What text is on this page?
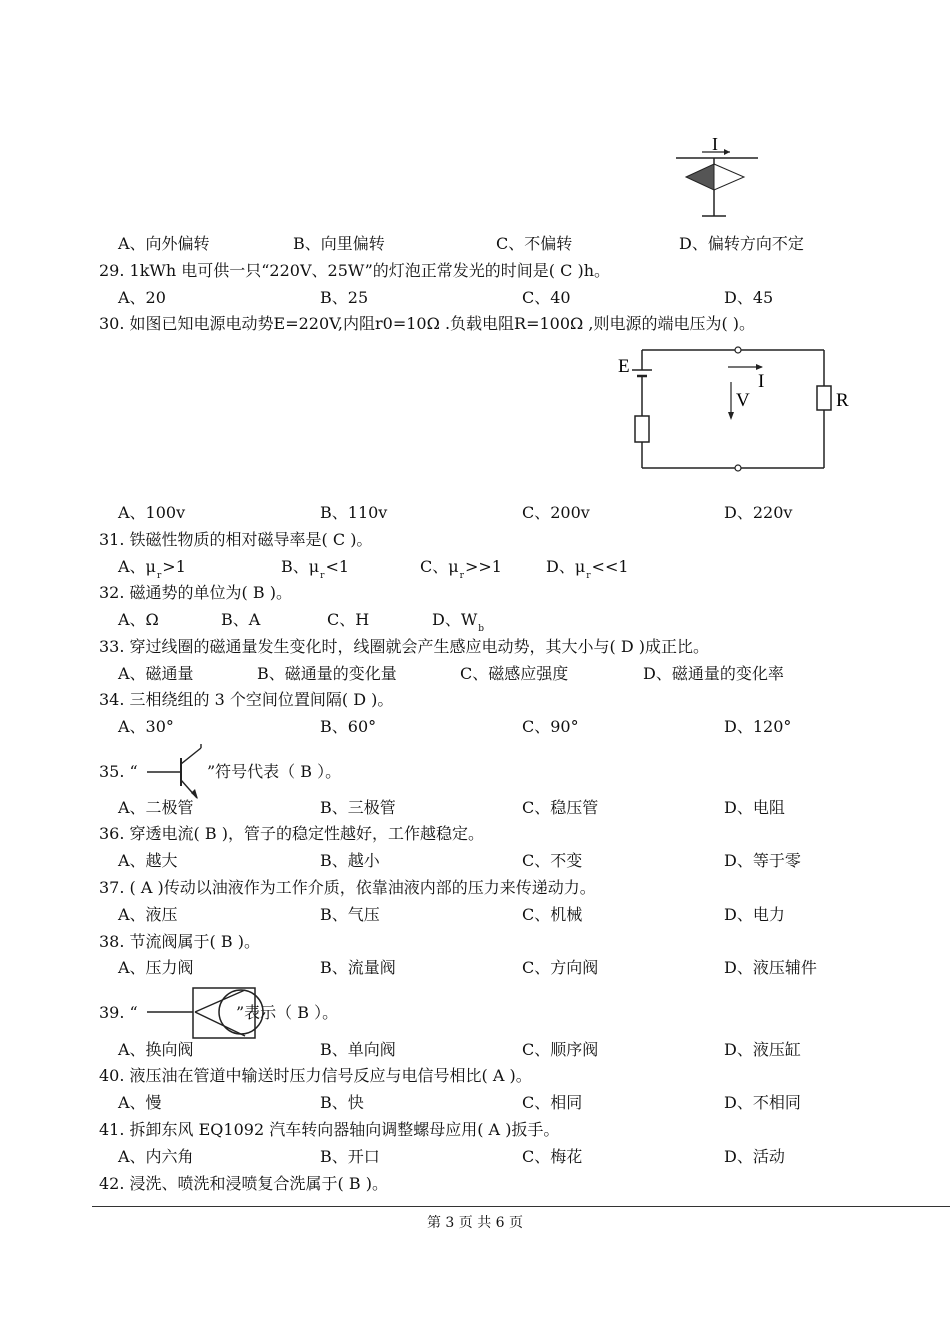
I
A、向外偏转	B、向里偏转	C、不偏转	D、偏转方向不定
29. 1kWh 电可供一只“220V、25W”的灯泡正常发光的时间是( C )h。
A、20	B、25	C、40	D、45
30. 如图已知电源电动势E=220V,内阻r0=10Ω .负载电阻R=100Ω ,则电源的端电压为( )。
E
I
V	R
A、100v	B、110v	C、200v	D、220v
31. 铁磁性物质的相对磁导率是( C )。
A、$\mu_r>1$	B、$\mu_r<1$	C、$\mu_r>>1$	D、$\mu_r<<1$
32. 磁通势的单位为( B )。
A、Ω	B、A	C、H	D、$W_b$
33. 穿过线圈的磁通量发生变化时，线圈就会产生感应电动势，其大小与( D )成正比。
A、磁通量	B、磁通量的变化量	C、磁感应强度	D、磁通量的变化率
34. 三相绕组的 3 个空间位置间隔( D )。
A、30°	B、60°	C、90°	D、120°
35. “	”符号代表（ B ）。
A、二极管	B、三极管	C、稳压管	D、电阻
36. 穿透电流( B )，管子的稳定性越好，工作越稳定。
A、越大	B、越小	C、不变	D、等于零
37. ( A )传动以油液作为工作介质，依靠油液内部的压力来传递动力。
A、液压	B、气压	C、机械	D、电力
38. 节流阀属于( B )。
A、压力阀	B、流量阀	C、方向阀	D、液压辅件
39. “	”表示（ B ）。
A、换向阀	B、单向阀	C、顺序阀	D、液压缸
40. 液压油在管道中输送时压力信号反应与电信号相比( A )。
A、慢	B、快	C、相同	D、不相同
41. 拆卸东风 EQ1092 汽车转向器轴向调整螺母应用( A )扳手。
A、内六角	B、开口	C、梅花	D、活动
42. 浸洗、喷洗和浸喷复合洗属于( B )。
第 3 页 共 6 页
